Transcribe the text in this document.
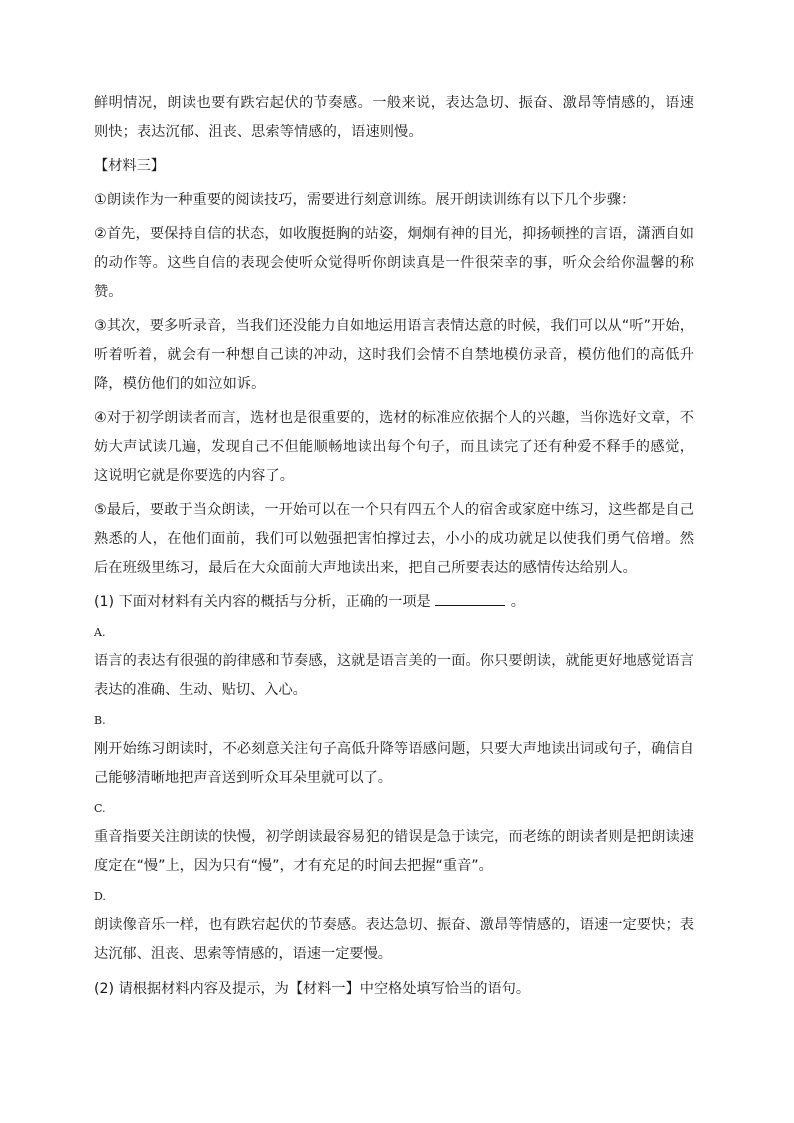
鲜明情况，朗读也要有跌宕起伏的节奏感。一般来说，表达急切、振奋、激昂等情感的，语速则快；表达沉郁、沮丧、思索等情感的，语速则慢。

【材料三】

①朗读作为一种重要的阅读技巧，需要进行刻意训练。展开朗读训练有以下几个步骤：

②首先，要保持自信的状态，如收腹挺胸的站姿，炯炯有神的目光，抑扬顿挫的言语，潇洒自如的动作等。这些自信的表现会使听众觉得听你朗读真是一件很荣幸的事，听众会给你温馨的称赞。

③其次，要多听录音，当我们还没能力自如地运用语言表情达意的时候，我们可以从“听”开始，听着听着，就会有一种想自己读的冲动，这时我们会情不自禁地模仿录音，模仿他们的高低升降，模仿他们的如泣如诉。

④对于初学朗读者而言，选材也是很重要的，选材的标准应依据个人的兴趣，当你选好文章，不妨大声试读几遍，发现自己不但能顺畅地读出每个句子，而且读完了还有种爱不释手的感觉，这说明它就是你要选的内容了。

⑤最后，要敢于当众朗读，一开始可以在一个只有四五个人的宿舍或家庭中练习，这些都是自己熟悉的人，在他们面前，我们可以勉强把害怕撑过去，小小的成功就足以使我们勇气倍增。然后在班级里练习，最后在大众面前大声地读出来，把自己所要表达的感情传达给别人。

(1) 下面对材料有关内容的概括与分析，正确的一项是	。

A.

语言的表达有很强的韵律感和节奏感，这就是语言美的一面。你只要朗读，就能更好地感觉语言表达的准确、生动、贴切、入心。

B.

刚开始练习朗读时，不必刻意关注句子高低升降等语感问题，只要大声地读出词或句子，确信自己能够清晰地把声音送到听众耳朵里就可以了。

C.

重音指要关注朗读的快慢，初学朗读最容易犯的错误是急于读完，而老练的朗读者则是把朗读速度定在“慢”上，因为只有“慢”，才有充足的时间去把握“重音”。

D.

朗读像音乐一样，也有跌宕起伏的节奏感。表达急切、振奋、激昂等情感的，语速一定要快；表达沉郁、沮丧、思索等情感的，语速一定要慢。

(2) 请根据材料内容及提示，为【材料一】中空格处填写恰当的语句。
